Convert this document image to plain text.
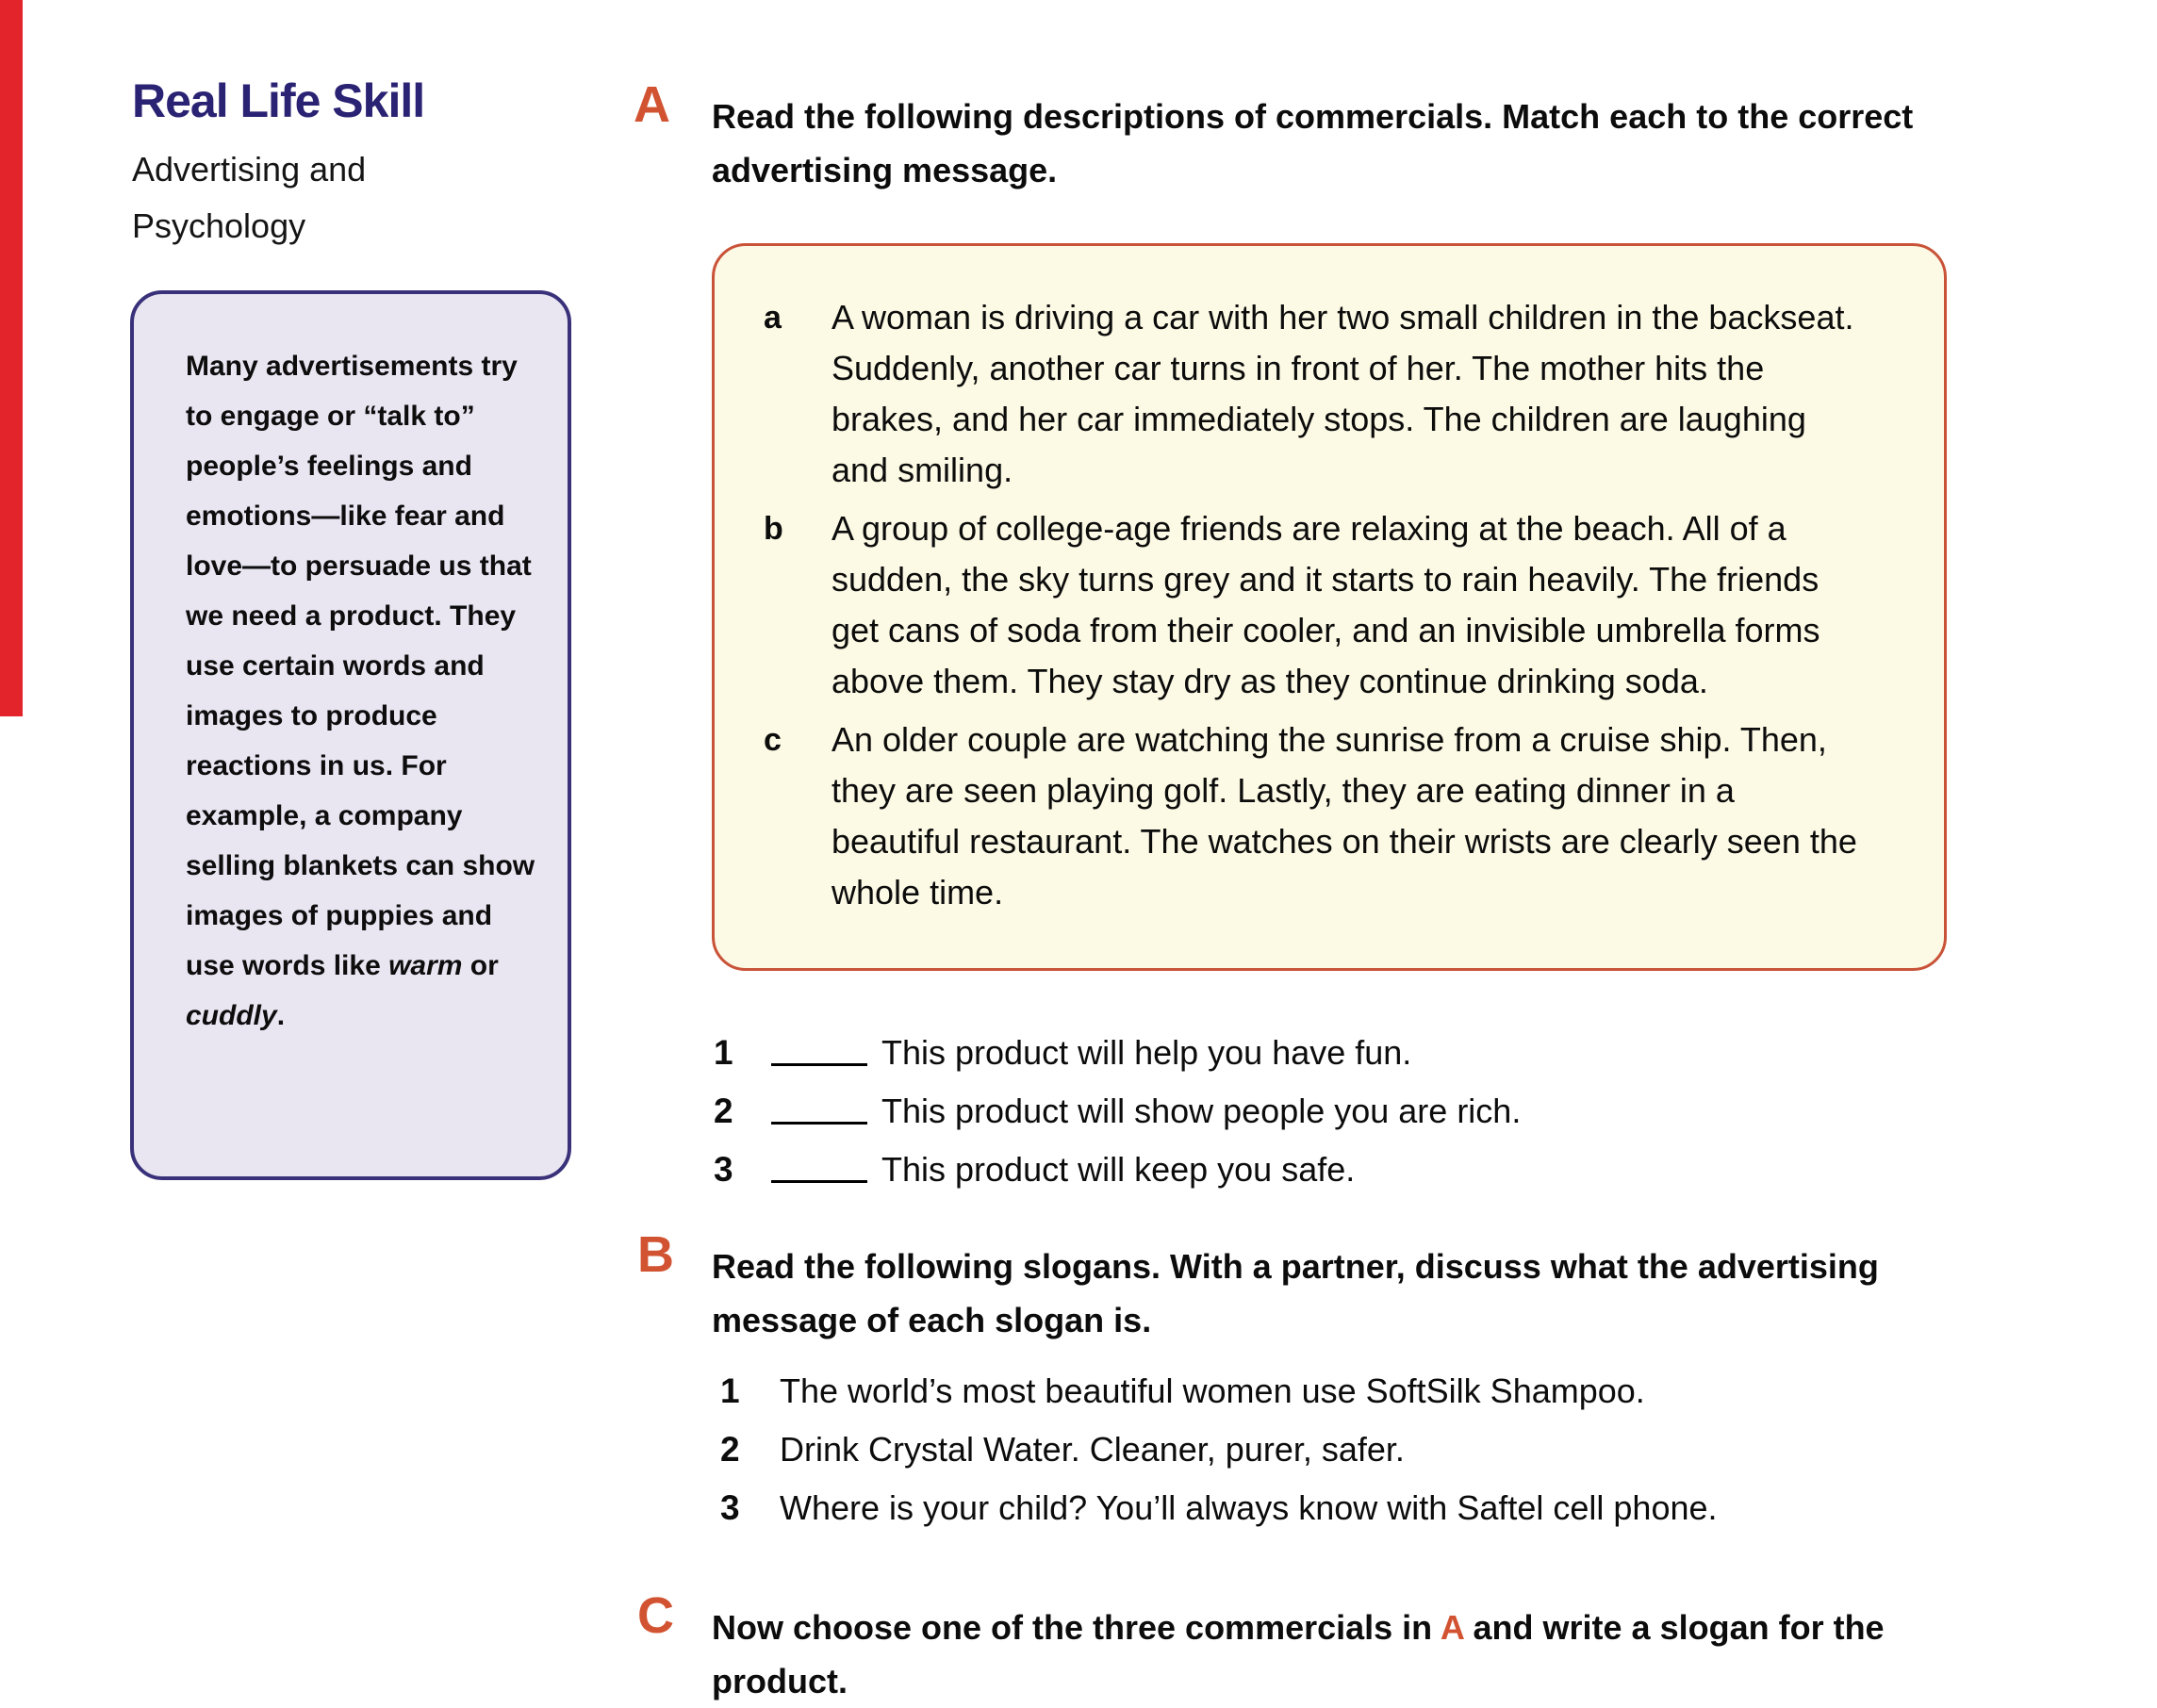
Real Life Skill
Advertising and Psychology

Many advertisements try to engage or “talk to” people’s feelings and emotions—like fear and love—to persuade us that we need a product. They use certain words and images to produce reactions in us. For example, a company selling blankets can show images of puppies and use words like warm or cuddly.

A Read the following descriptions of commercials. Match each to the correct advertising message.
a	A woman is driving a car with her two small children in the backseat. Suddenly, another car turns in front of her. The mother hits the brakes, and her car immediately stops. The children are laughing and smiling.
b	A group of college-age friends are relaxing at the beach. All of a sudden, the sky turns grey and it starts to rain heavily. The friends get cans of soda from their cooler, and an invisible umbrella forms above them. They stay dry as they continue drinking soda.
c	An older couple are watching the sunrise from a cruise ship. Then, they are seen playing golf. Lastly, they are eating dinner in a beautiful restaurant. The watches on their wrists are clearly seen the whole time.
1	This product will help you have fun.
2	This product will show people you are rich.
3	This product will keep you safe.
B Read the following slogans. With a partner, discuss what the advertising message of each slogan is.
1 The world’s most beautiful women use SoftSilk Shampoo.
2 Drink Crystal Water. Cleaner, purer, safer.
3 Where is your child? You’ll always know with Saftel cell phone.
C Now choose one of the three commercials in A and write a slogan for the product.
